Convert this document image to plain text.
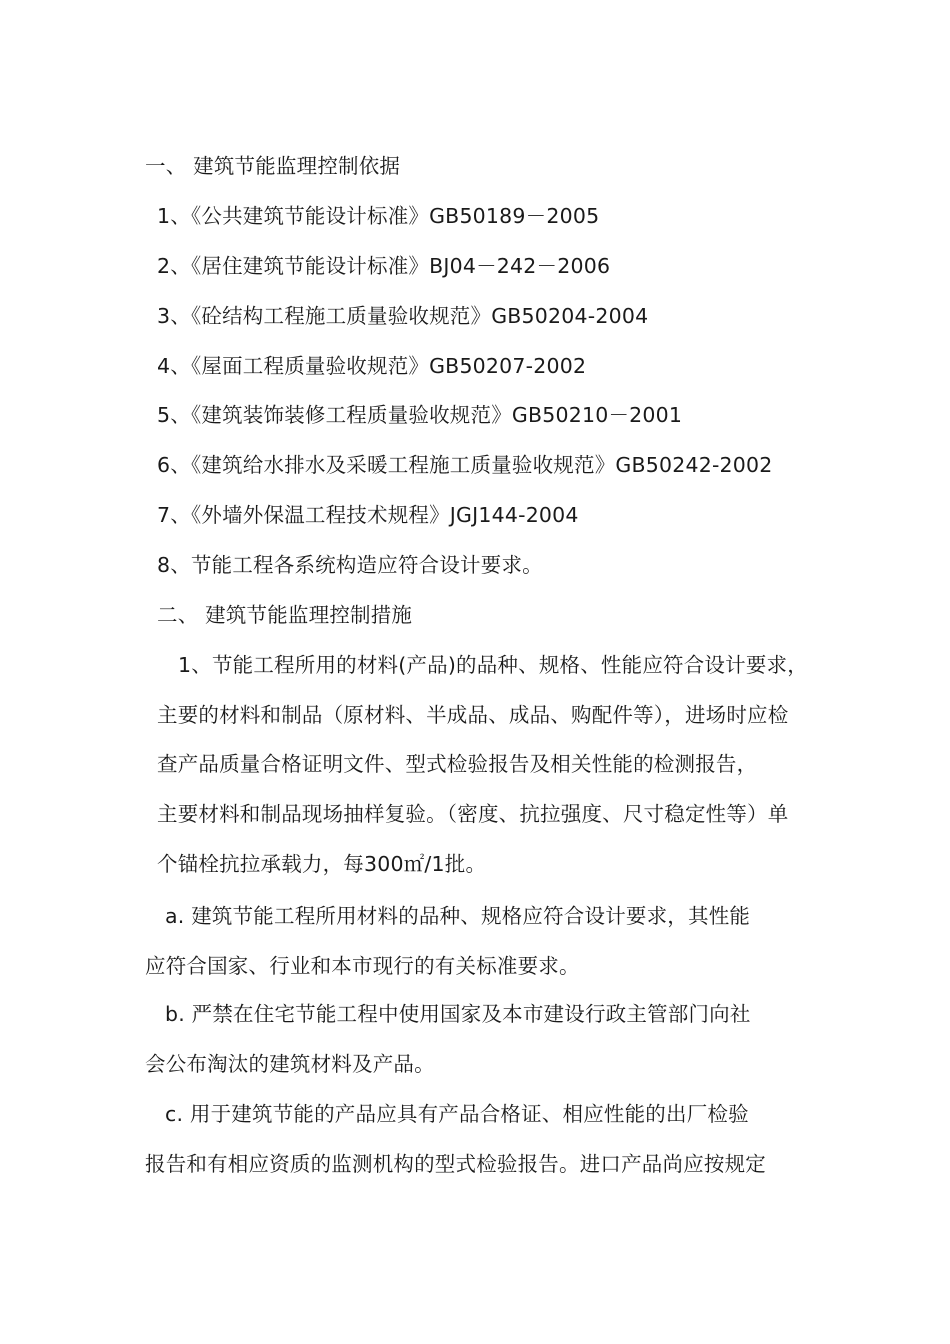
一、 建筑节能监理控制依据
1、《公共建筑节能设计标准》GB50189－2005
2、《居住建筑节能设计标准》BJ04－242－2006
3、《砼结构工程施工质量验收规范》GB50204-2004
4、《屋面工程质量验收规范》GB50207-2002
5、《建筑装饰装修工程质量验收规范》GB50210－2001
6、《建筑给水排水及采暖工程施工质量验收规范》GB50242-2002
7、《外墙外保温工程技术规程》JGJ144-2004
8、节能工程各系统构造应符合设计要求。
二、 建筑节能监理控制措施
1、节能工程所用的材料(产品)的品种、规格、性能应符合设计要求，
主要的材料和制品（原材料、半成品、成品、购配件等），进场时应检
查产品质量合格证明文件、型式检验报告及相关性能的检测报告，
主要材料和制品现场抽样复验。（密度、抗拉强度、尺寸稳定性等）单
个锚栓抗拉承载力，每300㎡/1批。
a. 建筑节能工程所用材料的品种、规格应符合设计要求，其性能
应符合国家、行业和本市现行的有关标准要求。
b. 严禁在住宅节能工程中使用国家及本市建设行政主管部门向社
会公布淘汰的建筑材料及产品。
c. 用于建筑节能的产品应具有产品合格证、相应性能的出厂检验
报告和有相应资质的监测机构的型式检验报告。进口产品尚应按规定
